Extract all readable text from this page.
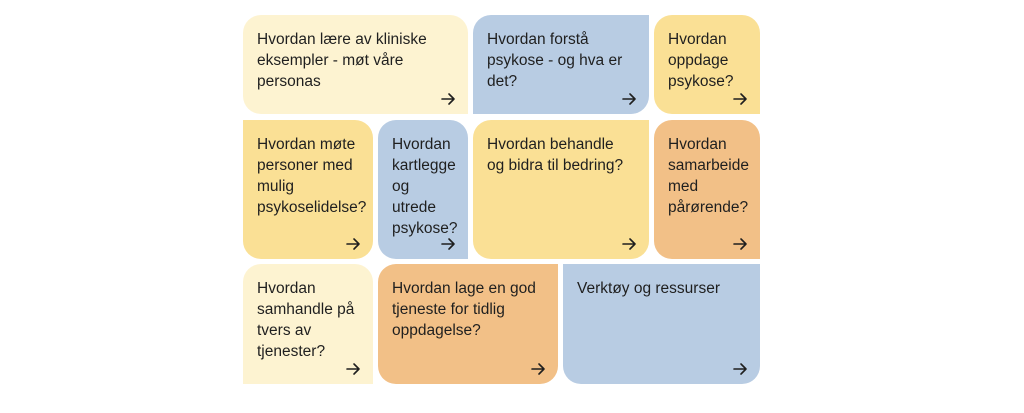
Hvordan lære av kliniske eksempler - møt våre personas
Hvordan forstå psykose - og hva er det?
Hvordan oppdage psykose?
Hvordan møte personer med mulig psykoselidelse?
Hvordan kartlegge og utrede psykose?
Hvordan behandle og bidra til bedring?
Hvordan samarbeide med pårørende?
Hvordan samhandle på tvers av tjenester?
Hvordan lage en god tjeneste for tidlig oppdagelse?
Verktøy og ressurser
